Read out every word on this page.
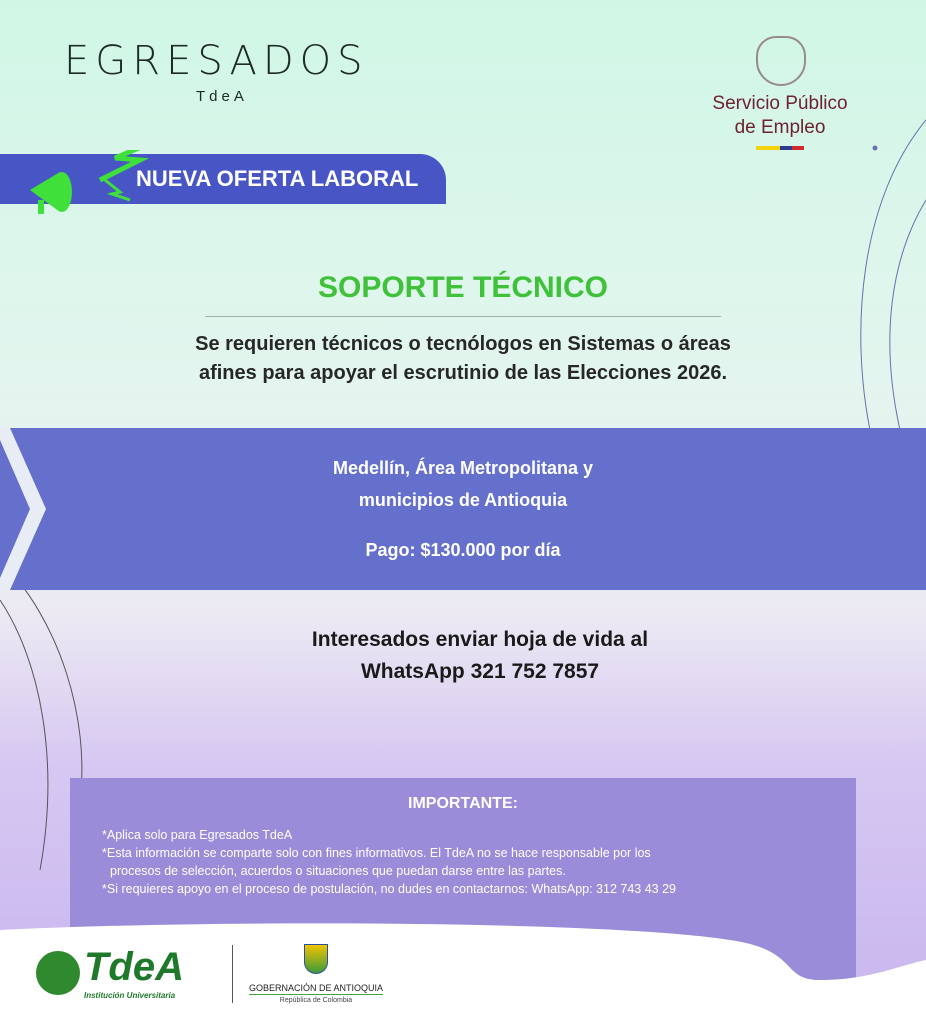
EGRESADOS
TdeA	Servicio Público
de Empleo
NUEVA OFERTA LABORAL
SOPORTE TÉCNICO
Se requieren técnicos o tecnólogos en Sistemas o áreas
afines para apoyar el escrutinio de las Elecciones 2026.
Medellín, Área Metropolitana y
municipios de Antioquia
Pago: $130.000 por día
Interesados enviar hoja de vida al
WhatsApp 321 752 7857
IMPORTANTE:
*Aplica solo para Egresados TdeA
*Esta información se comparte solo con fines informativos. El TdeA no se hace responsable por los
procesos de selección, acuerdos o situaciones que puedan darse entre las partes.
*Si requieres apoyo en el proceso de postulación, no dudes en contactarnos: WhatsApp: 312 743 43 29
TdeA
Institución Universitaria
GOBERNACIÓN DE ANTIOQUIA
República de Colombia
